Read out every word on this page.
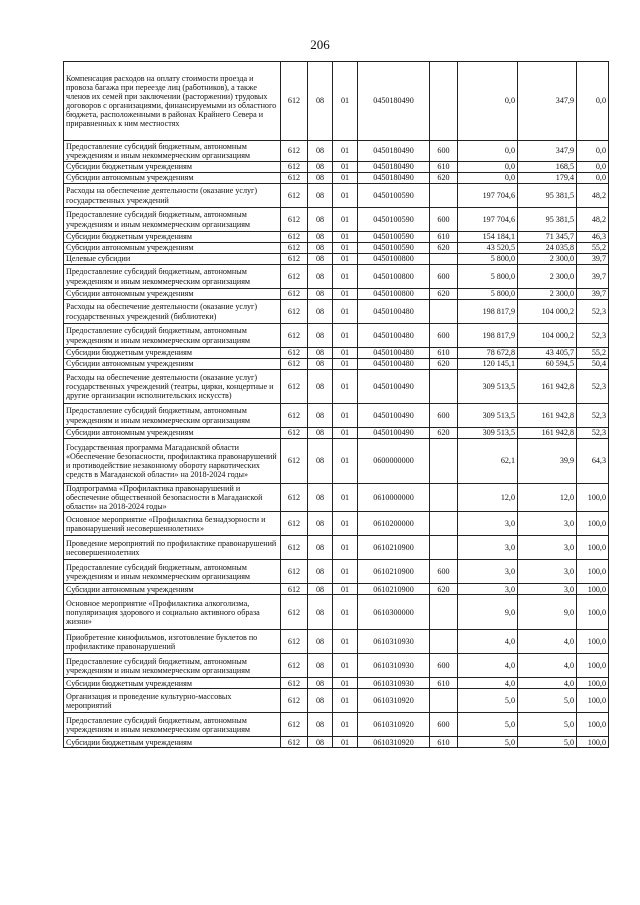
206
Компенсация расходов на оплату стоимости проезда и провоза багажа при переезде лиц (работников), а также членов их семей при заключении (расторжении) трудовых договоров с организациями, финансируемыми из областного бюджета, расположенными в районах Крайнего Севера и приравненных к ним местностях	612	08	01	0450180490		0,0	347,9	0,0
Предоставление субсидий бюджетным, автономным учреждениям и иным некоммерческим организациям	612	08	01	0450180490	600	0,0	347,9	0,0
Субсидии бюджетным учреждениям	612	08	01	0450180490	610	0,0	168,5	0,0
Субсидии автономным учреждениям	612	08	01	0450180490	620	0,0	179,4	0,0
Расходы на обеспечение деятельности (оказание услуг) государственных учреждений	612	08	01	0450100590		197 704,6	95 381,5	48,2
Предоставление субсидий бюджетным, автономным учреждениям и иным некоммерческим организациям	612	08	01	0450100590	600	197 704,6	95 381,5	48,2
Субсидии бюджетным учреждениям	612	08	01	0450100590	610	154 184,1	71 345,7	46,3
Субсидии автономным учреждениям	612	08	01	0450100590	620	43 520,5	24 035,8	55,2
Целевые субсидии	612	08	01	0450100800		5 800,0	2 300,0	39,7
Предоставление субсидий бюджетным, автономным учреждениям и иным некоммерческим организациям	612	08	01	0450100800	600	5 800,0	2 300,0	39,7
Субсидии автономным учреждениям	612	08	01	0450100800	620	5 800,0	2 300,0	39,7
Расходы на обеспечение деятельности (оказание услуг) государственных учреждений (библиотеки)	612	08	01	0450100480		198 817,9	104 000,2	52,3
Предоставление субсидий бюджетным, автономным учреждениям и иным некоммерческим организациям	612	08	01	0450100480	600	198 817,9	104 000,2	52,3
Субсидии бюджетным учреждениям	612	08	01	0450100480	610	78 672,8	43 405,7	55,2
Субсидии автономным учреждениям	612	08	01	0450100480	620	120 145,1	60 594,5	50,4
Расходы на обеспечение деятельности (оказание услуг) государственных учреждений (театры, цирки, концертные и другие организации исполнительских искусств)	612	08	01	0450100490		309 513,5	161 942,8	52,3
Предоставление субсидий бюджетным, автономным учреждениям и иным некоммерческим организациям	612	08	01	0450100490	600	309 513,5	161 942,8	52,3
Субсидии автономным учреждениям	612	08	01	0450100490	620	309 513,5	161 942,8	52,3
Государственная программа Магаданской области «Обеспечение безопасности, профилактика правонарушений и противодействие незаконному обороту наркотических средств в Магаданской области» на 2018-2024 годы»	612	08	01	0600000000		62,1	39,9	64,3
Подпрограмма «Профилактика правонарушений и обеспечение общественной безопасности в Магаданской области» на 2018-2024 годы»	612	08	01	0610000000		12,0	12,0	100,0
Основное мероприятие «Профилактика безнадзорности и правонарушений несовершеннолетних»	612	08	01	0610200000		3,0	3,0	100,0
Проведение мероприятий по профилактике правонарушений несовершеннолетних	612	08	01	0610210900		3,0	3,0	100,0
Предоставление субсидий бюджетным, автономным учреждениям и иным некоммерческим организациям	612	08	01	0610210900	600	3,0	3,0	100,0
Субсидии автономным учреждениям	612	08	01	0610210900	620	3,0	3,0	100,0
Основное мероприятие «Профилактика алкоголизма, популяризация здорового и социально активного образа жизни»	612	08	01	0610300000		9,0	9,0	100,0
Приобретение кинофильмов, изготовление буклетов по профилактике правонарушений	612	08	01	0610310930		4,0	4,0	100,0
Предоставление субсидий бюджетным, автономным учреждениям и иным некоммерческим организациям	612	08	01	0610310930	600	4,0	4,0	100,0
Субсидии бюджетным учреждениям	612	08	01	0610310930	610	4,0	4,0	100,0
Организация и проведение культурно-массовых мероприятий	612	08	01	0610310920		5,0	5,0	100,0
Предоставление субсидий бюджетным, автономным учреждениям и иным некоммерческим организациям	612	08	01	0610310920	600	5,0	5,0	100,0
Субсидии бюджетным учреждениям	612	08	01	0610310920	610	5,0	5,0	100,0
